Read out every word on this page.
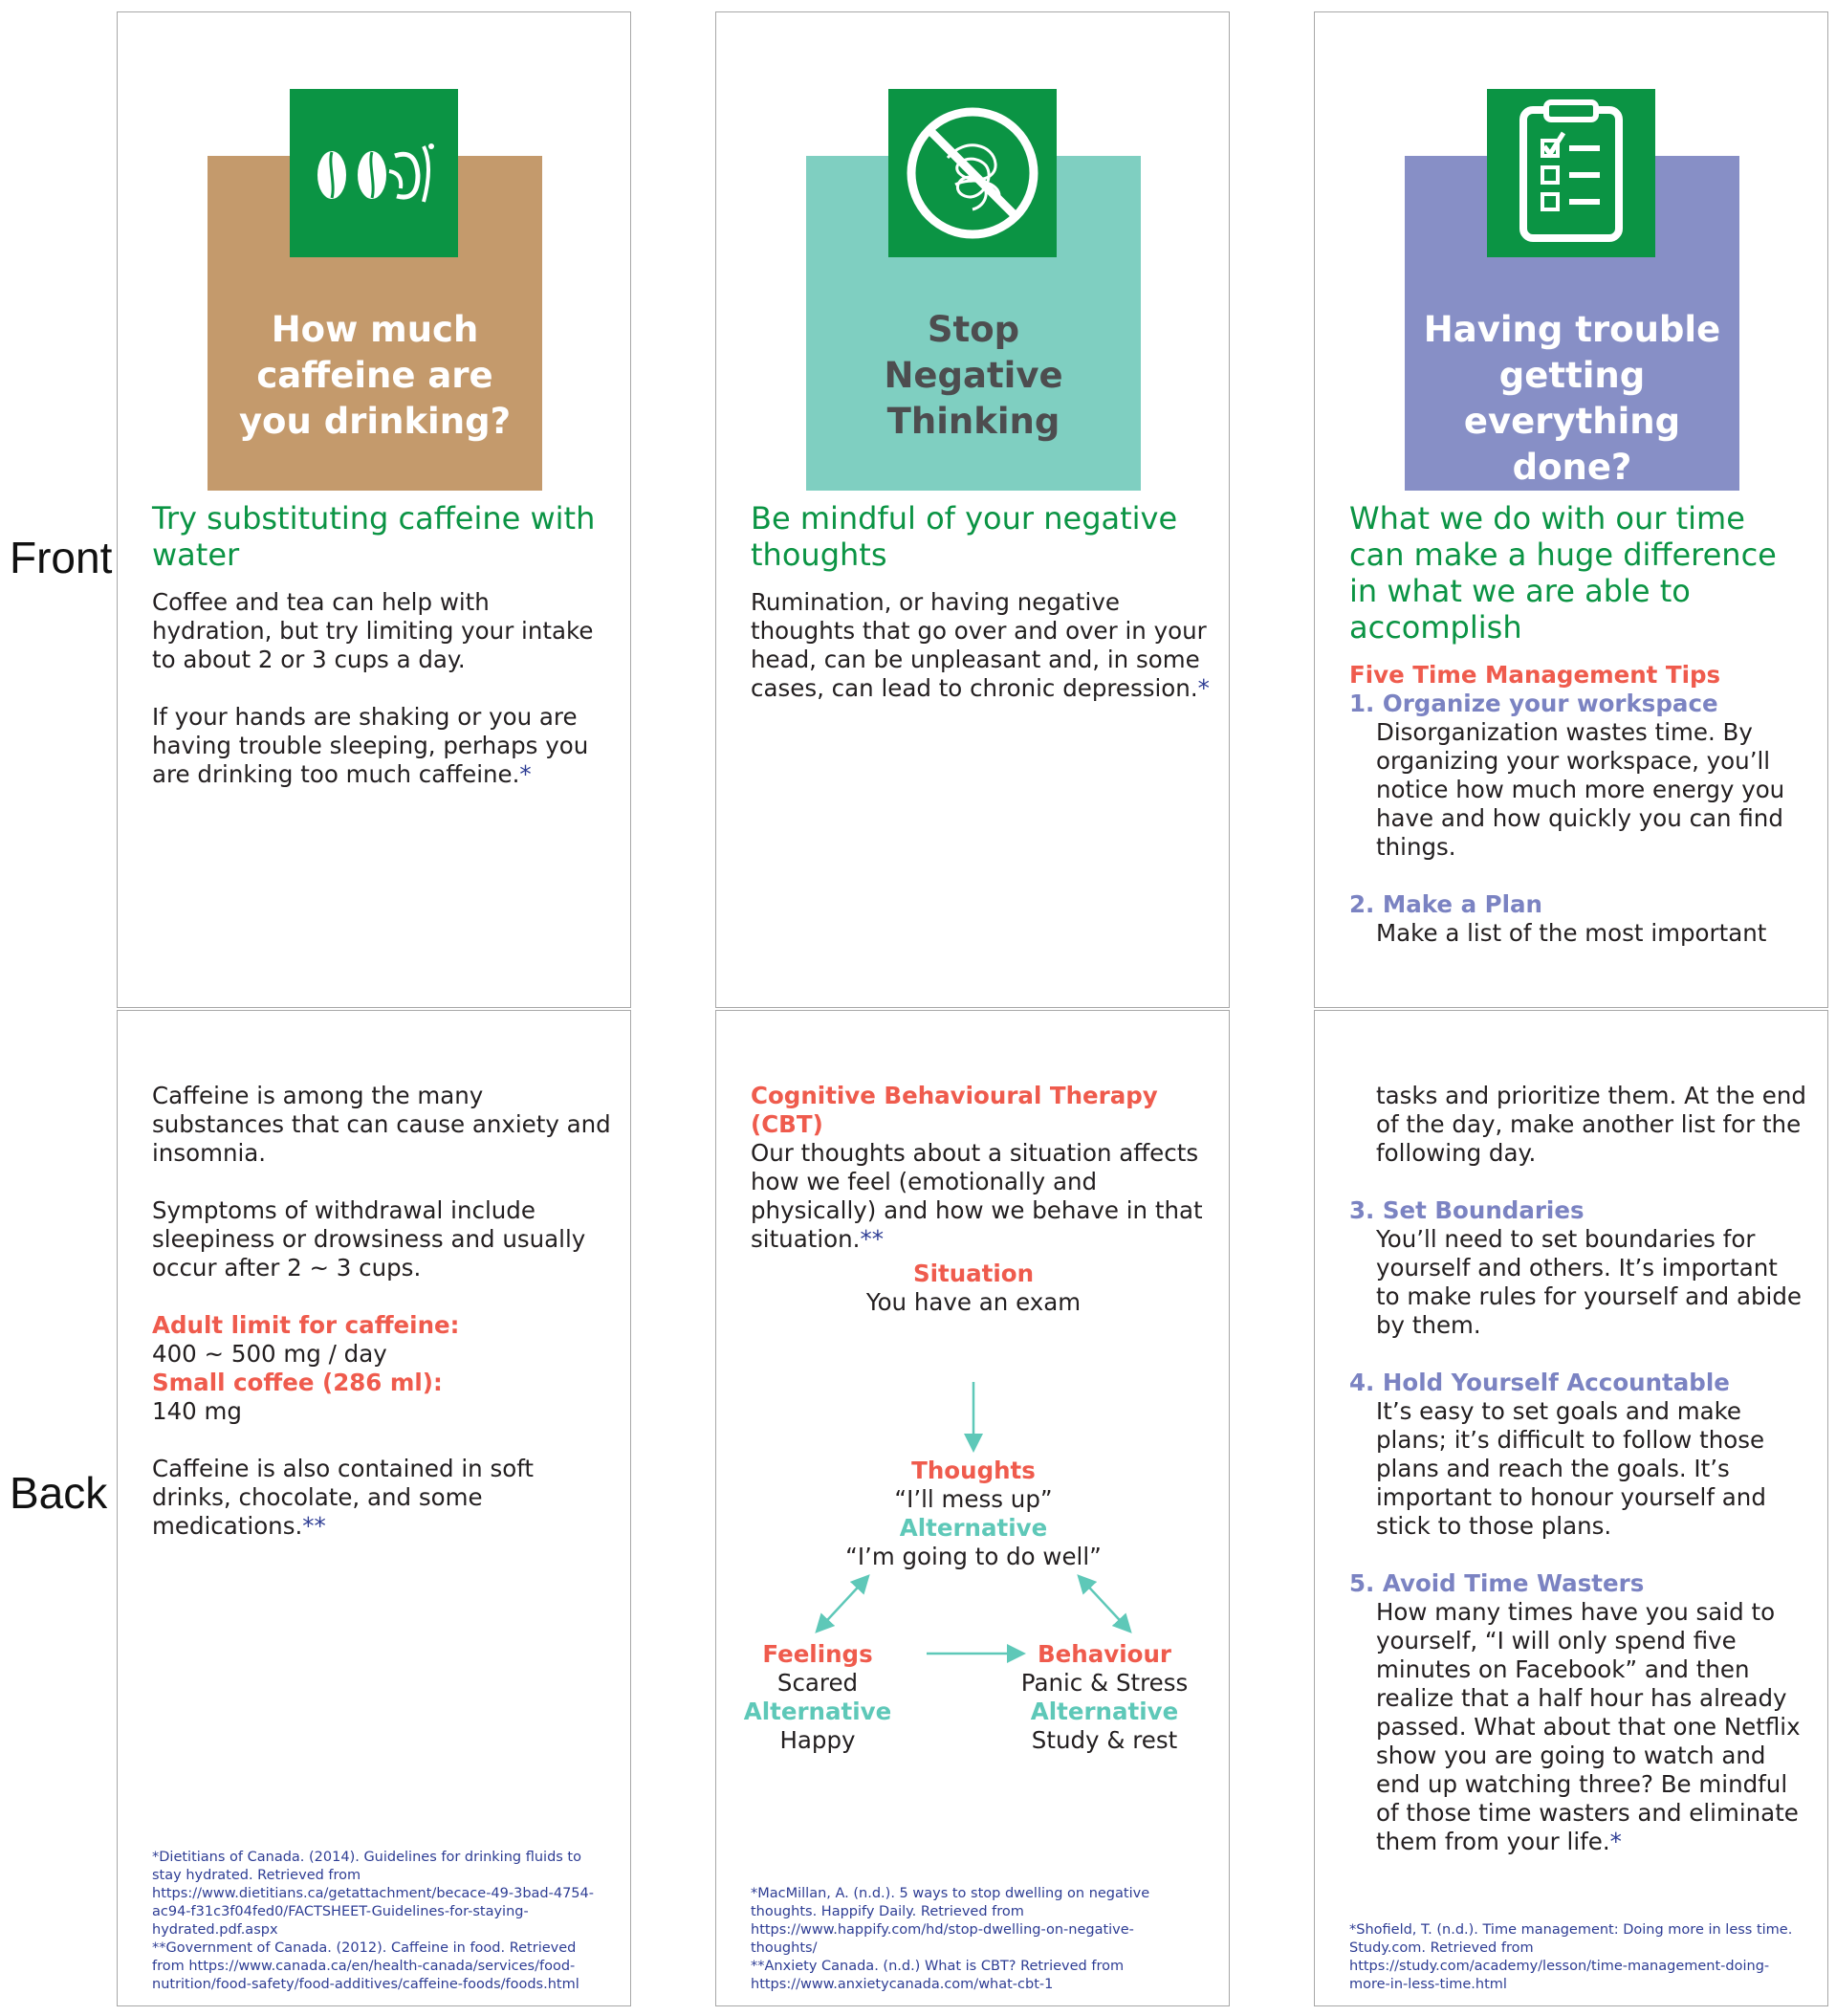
Front
Back
How much caffeine are you drinking?
Try substituting caffeine with water
Coffee and tea can help with hydration, but try limiting your intake to about 2 or 3 cups a day.
If your hands are shaking or you are having trouble sleeping, perhaps you are drinking too much caffeine.*
Stop Negative Thinking
Be mindful of your negative thoughts
Rumination, or having negative thoughts that go over and over in your head, can be unpleasant and, in some cases, can lead to chronic depression.*
Having trouble getting everything done?
What we do with our time can make a huge difference in what we are able to accomplish
Five Time Management Tips
1. Organize your workspace
Disorganization wastes time. By organizing your workspace, you’ll notice how much more energy you have and how quickly you can find things.
2. Make a Plan
Make a list of the most important
Caffeine is among the many substances that can cause anxiety and insomnia.
Symptoms of withdrawal include sleepiness or drowsiness and usually occur after 2 ~ 3 cups.
Adult limit for caffeine:
400 ~ 500 mg / day
Small coffee (286 ml):
140 mg
Caffeine is also contained in soft drinks, chocolate, and some medications.**
*Dietitians of Canada. (2014). Guidelines for drinking fluids to stay hydrated. Retrieved from https://www.dietitians.ca/getattachment/becace-49-3bad-4754-ac94-f31c3f04fed0/FACTSHEET-Guidelines-for-staying-hydrated.pdf.aspx
**Government of Canada. (2012). Caffeine in food. Retrieved from https://www.canada.ca/en/health-canada/services/food-nutrition/food-safety/food-additives/caffeine-foods/foods.html
Cognitive Behavioural Therapy (CBT)
Our thoughts about a situation affects how we feel (emotionally and physically) and how we behave in that situation.**
Situation
You have an exam
Thoughts
“I’ll mess up”
Alternative
“I’m going to do well”
Feelings
Scared
Alternative
Happy
Behaviour
Panic & Stress
Alternative
Study & rest
*MacMillan, A. (n.d.). 5 ways to stop dwelling on negative thoughts. Happify Daily. Retrieved from https://www.happify.com/hd/stop-dwelling-on-negative-thoughts/
**Anxiety Canada. (n.d.) What is CBT? Retrieved from https://www.anxietycanada.com/what-cbt-1
tasks and prioritize them. At the end of the day, make another list for the following day.
3. Set Boundaries
You’ll need to set boundaries for yourself and others. It’s important to make rules for yourself and abide by them.
4. Hold Yourself Accountable
It’s easy to set goals and make plans; it’s difficult to follow those plans and reach the goals. It’s important to honour yourself and stick to those plans.
5. Avoid Time Wasters
How many times have you said to yourself, “I will only spend five minutes on Facebook” and then realize that a half hour has already passed. What about that one Netflix show you are going to watch and end up watching three? Be mindful of those time wasters and eliminate them from your life.*
*Shofield, T. (n.d.). Time management: Doing more in less time. Study.com. Retrieved from https://study.com/academy/lesson/time-management-doing-more-in-less-time.html
